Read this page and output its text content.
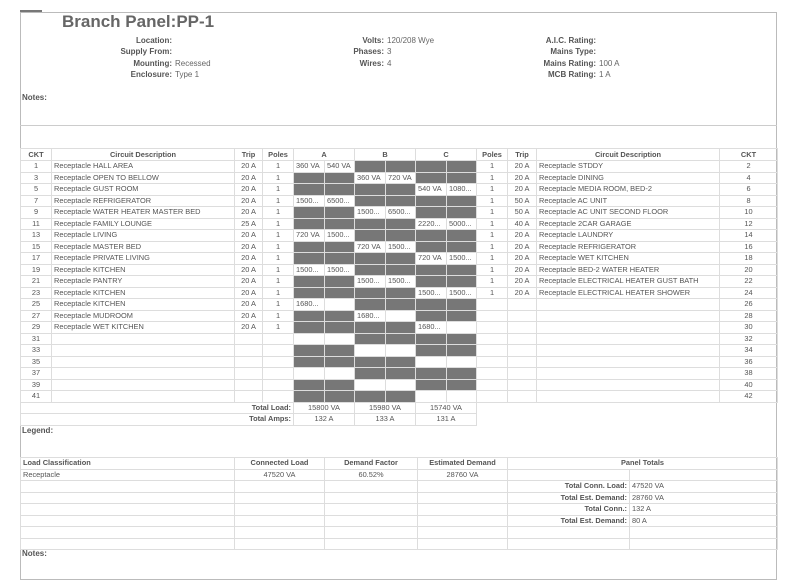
Branch Panel:PP-1
Location:
Supply From:
Mounting: Recessed
Enclosure: Type 1
Volts: 120/208 Wye
Phases: 3
Wires: 4
A.I.C. Rating:
Mains Type:
Mains Rating: 100 A
MCB Rating: 1 A
Notes:
CKT	Circuit Description	Trip	Poles	A		B		C		Poles	Trip	Circuit Description	CKT
1	Receptacle HALL AREA	20 A	1	360 VA	540 VA					1	20 A	Receptacle STDDY	2
3	Receptacle OPEN TO BELLOW	20 A	1			360 VA	720 VA			1	20 A	Receptacle DINING	4
5	Receptacle GUST ROOM	20 A	1					540 VA	1080...	1	20 A	Receptacle MEDIA ROOM, BED-2	6
7	Receptacle REFRIGERATOR	20 A	1	1500...	6500...					1	50 A	Receptacle AC UNIT	8
9	Receptacle WATER HEATER MASTER BED	20 A	1			1500...	6500...			1	50 A	Receptacle AC UNIT SECOND FLOOR	10
11	Receptacle FAMILY LOUNGE	25 A	1					2220...	5000...	1	40 A	Receptacle 2CAR GARAGE	12
13	Receptacle LIVING	20 A	1	720 VA	1500...					1	20 A	Receptacle LAUNDRY	14
15	Receptacle MASTER BED	20 A	1			720 VA	1500...			1	20 A	Receptacle REFRIGERATOR	16
17	Receptacle PRIVATE LIVING	20 A	1					720 VA	1500...	1	20 A	Receptacle WET KITCHEN	18
19	Receptacle KITCHEN	20 A	1	1500...	1500...					1	20 A	Receptacle BED-2 WATER HEATER	20
21	Receptacle PANTRY	20 A	1			1500...	1500...			1	20 A	Receptacle ELECTRICAL HEATER GUST BATH	22
23	Receptacle KITCHEN	20 A	1					1500...	1500...	1	20 A	Receptacle ELECTRICAL HEATER SHOWER	24
25	Receptacle KITCHEN	20 A	1	1680...									26
27	Receptacle MUDROOM	20 A	1			1680...							28
29	Receptacle WET KITCHEN	20 A	1					1680...					30
31													32
33													34
35													36
37													38
39													40
41													42
Total Load:				15800 VA		15980 VA		15740 VA					
Total Amps:				132 A		133 A		131 A					
Legend:
Load Classification	Connected Load	Demand Factor	Estimated Demand	Panel Totals	
Receptacle	47520 VA	60.52%	28760 VA		
				Total Conn. Load:	47520 VA
				Total Est. Demand:	28760 VA
				Total Conn.:	132 A
				Total Est. Demand:	80 A

Notes:
